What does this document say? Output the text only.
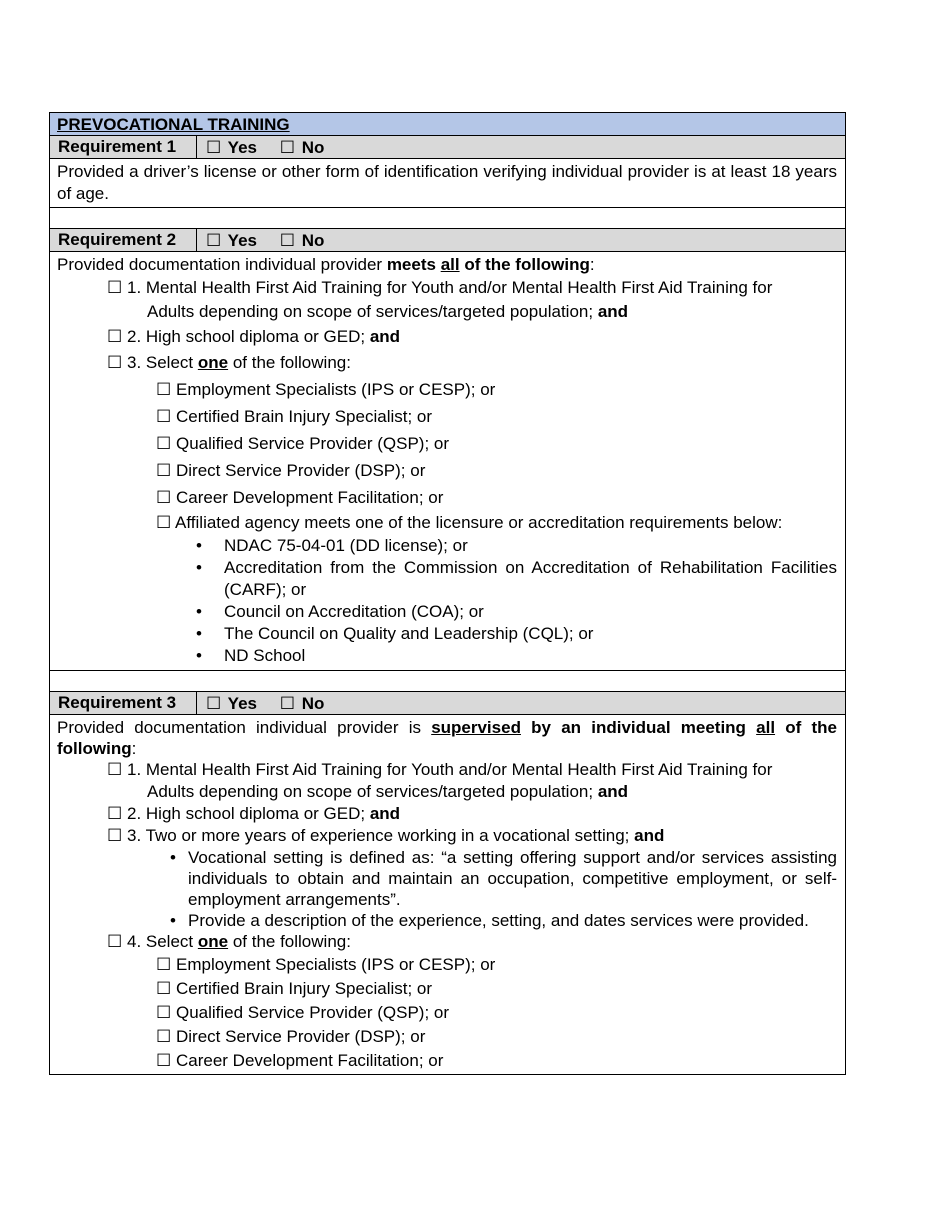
PREVOCATIONAL TRAINING
Requirement 1	☐ Yes ☐ No
Provided a driver’s license or other form of identification verifying individual provider is at least 18 years of age.
Requirement 2	☐ Yes ☐ No
Provided documentation individual provider meets all of the following:
☐ 1. Mental Health First Aid Training for Youth and/or Mental Health First Aid Training for
Adults depending on scope of services/targeted population; and
☐ 2. High school diploma or GED; and
☐ 3. Select one of the following:
☐ Employment Specialists (IPS or CESP); or
☐ Certified Brain Injury Specialist; or
☐ Qualified Service Provider (QSP); or
☐ Direct Service Provider (DSP); or
☐ Career Development Facilitation; or
☐ Affiliated agency meets one of the licensure or accreditation requirements below:
• NDAC 75-04-01 (DD license); or
• Accreditation from the Commission on Accreditation of Rehabilitation Facilities (CARF); or
• Council on Accreditation (COA); or
• The Council on Quality and Leadership (CQL); or
• ND School
Requirement 3	☐ Yes ☐ No
Provided documentation individual provider is supervised by an individual meeting all of the following:
☐ 1. Mental Health First Aid Training for Youth and/or Mental Health First Aid Training for
Adults depending on scope of services/targeted population; and
☐ 2. High school diploma or GED; and
☐ 3. Two or more years of experience working in a vocational setting; and
• Vocational setting is defined as: “a setting offering support and/or services assisting individuals to obtain and maintain an occupation, competitive employment, or self-employment arrangements”.
• Provide a description of the experience, setting, and dates services were provided.
☐ 4. Select one of the following:
☐ Employment Specialists (IPS or CESP); or
☐ Certified Brain Injury Specialist; or
☐ Qualified Service Provider (QSP); or
☐ Direct Service Provider (DSP); or
☐ Career Development Facilitation; or
